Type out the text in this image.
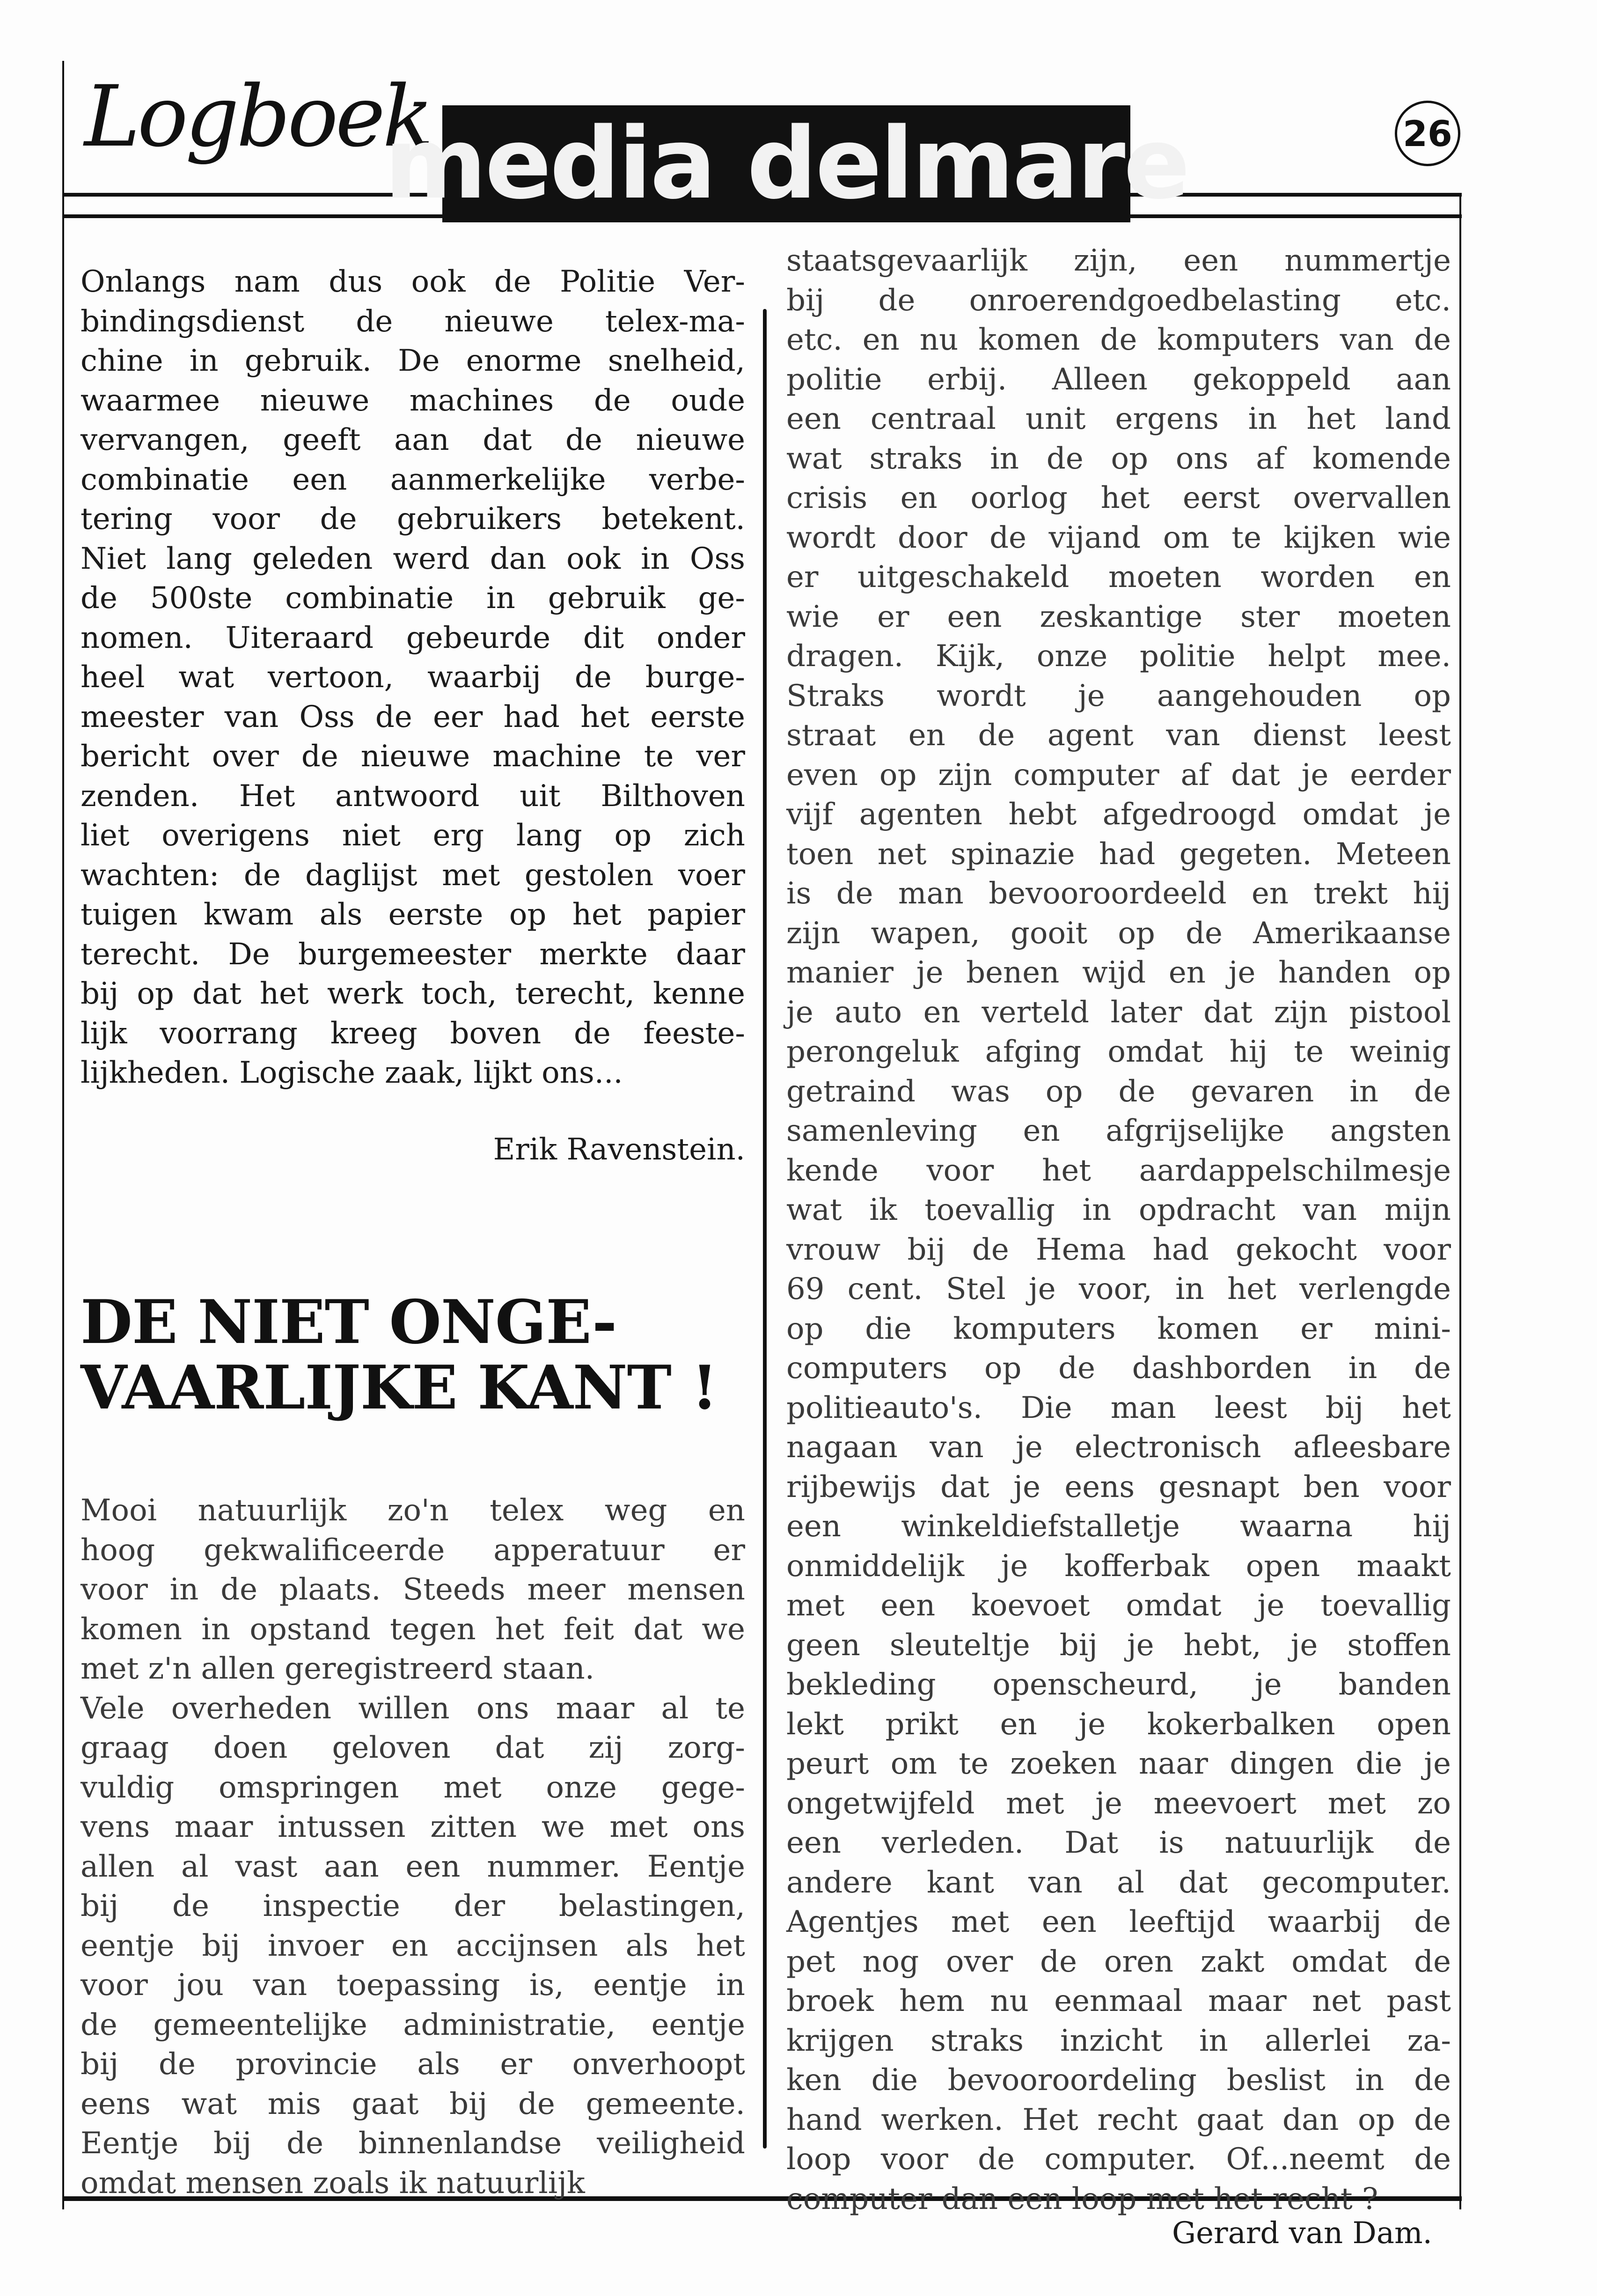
Logboek
media delmare	26

Onlangs nam dus ook de Politie Ver-
bindingsdienst de nieuwe telex-ma-
chine in gebruik. De enorme snelheid,
waarmee nieuwe machines de oude
vervangen, geeft aan dat de nieuwe
combinatie een aanmerkelijke verbe-
tering voor de gebruikers betekent.
Niet lang geleden werd dan ook in Oss
de 500ste combinatie in gebruik ge-
nomen. Uiteraard gebeurde dit onder
heel wat vertoon, waarbij de burge-
meester van Oss de eer had het eerste
bericht over de nieuwe machine te ver
zenden. Het antwoord uit Bilthoven
liet overigens niet erg lang op zich
wachten: de daglijst met gestolen voer
tuigen kwam als eerste op het papier
terecht. De burgemeester merkte daar
bij op dat het werk toch, terecht, kenne
lijk voorrang kreeg boven de feeste-
lijkheden. Logische zaak, lijkt ons...

Erik Ravenstein.

DE NIET ONGE-
VAARLIJKE KANT !

Mooi natuurlijk zo'n telex weg en
hoog gekwalificeerde apperatuur er
voor in de plaats. Steeds meer mensen
komen in opstand tegen het feit dat we
met z'n allen geregistreerd staan.
Vele overheden willen ons maar al te
graag doen geloven dat zij zorg-
vuldig omspringen met onze gege-
vens maar intussen zitten we met ons
allen al vast aan een nummer. Eentje
bij de inspectie der belastingen,
eentje bij invoer en accijnsen als het
voor jou van toepassing is, eentje in
de gemeentelijke administratie, eentje
bij de provincie als er onverhoopt
eens wat mis gaat bij de gemeente.
Eentje bij de binnenlandse veiligheid
omdat mensen zoals ik natuurlijk

staatsgevaarlijk zijn, een nummertje
bij de onroerendgoedbelasting etc.
etc. en nu komen de komputers van de
politie erbij. Alleen gekoppeld aan
een centraal unit ergens in het land
wat straks in de op ons af komende
crisis en oorlog het eerst overvallen
wordt door de vijand om te kijken wie
er uitgeschakeld moeten worden en
wie er een zeskantige ster moeten
dragen. Kijk, onze politie helpt mee.
Straks wordt je aangehouden op
straat en de agent van dienst leest
even op zijn computer af dat je eerder
vijf agenten hebt afgedroogd omdat je
toen net spinazie had gegeten. Meteen
is de man bevooroordeeld en trekt hij
zijn wapen, gooit op de Amerikaanse
manier je benen wijd en je handen op
je auto en verteld later dat zijn pistool
perongeluk afging omdat hij te weinig
getraind was op de gevaren in de
samenleving en afgrijselijke angsten
kende voor het aardappelschilmesje
wat ik toevallig in opdracht van mijn
vrouw bij de Hema had gekocht voor
69 cent. Stel je voor, in het verlengde
op die komputers komen er mini-
computers op de dashborden in de
politieauto's. Die man leest bij het
nagaan van je electronisch afleesbare
rijbewijs dat je eens gesnapt ben voor
een winkeldiefstalletje waarna hij
onmiddelijk je kofferbak open maakt
met een koevoet omdat je toevallig
geen sleuteltje bij je hebt, je stoffen
bekleding openscheurd, je banden
lekt prikt en je kokerbalken open
peurt om te zoeken naar dingen die je
ongetwijfeld met je meevoert met zo
een verleden. Dat is natuurlijk de
andere kant van al dat gecomputer.
Agentjes met een leeftijd waarbij de
pet nog over de oren zakt omdat de
broek hem nu eenmaal maar net past
krijgen straks inzicht in allerlei za-
ken die bevooroordeling beslist in de
hand werken. Het recht gaat dan op de
loop voor de computer. Of...neemt de
computer dan een loop met het recht ?

Gerard van Dam.
